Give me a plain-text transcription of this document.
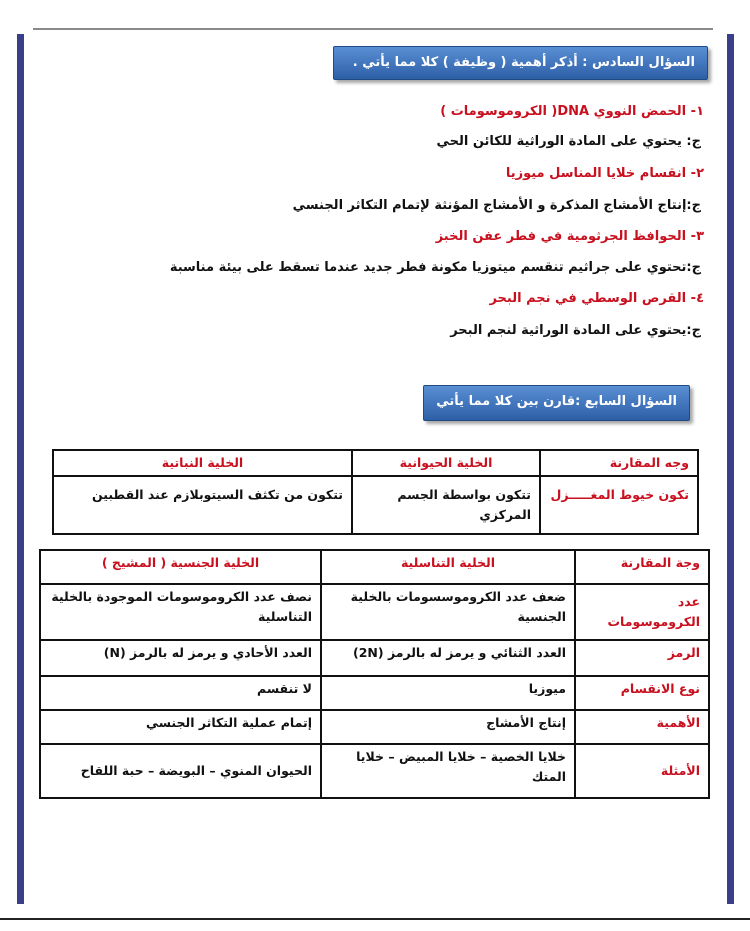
السؤال السادس : أذكر أهمية ( وظيفة ) كلا مما يأتي .
١- الحمض النووي DNA( الكروموسومات )
ج: يحتوي على المادة الوراثية للكائن الحي
٢- انقسام خلايا المناسل ميوزيا
ج:إنتاج الأمشاج المذكرة و الأمشاج المؤنثة لإتمام التكاثر الجنسي
٣- الحوافظ الجرثومية في فطر عفن الخبز
ج:تحتوي على جراثيم تنقسم ميتوزيا مكونة فطر جديد عندما تسقط على بيئة مناسبة
٤- القرص الوسطي في نجم البحر
ج:يحتوي على المادة الوراثية لنجم البحر
السؤال السابع :قارن بين كلا مما يأتي
وجه المقارنة	الخلية الحيوانية	الخلية النباتية
تكون خيوط المغـــــزل	تتكون بواسطة الجسم المركزي	تتكون من تكثف السيتوبلازم عند القطبين
وجة المقارنة	الخلية التناسلية	الخلية الجنسية ( المشيج )
عدد الكروموسومات	ضعف عدد الكروموسسومات بالخلية الجنسية	نصف عدد الكروموسومات الموجودة بالخلية التناسلية
الرمز	العدد الثنائي و يرمز له بالرمز (2N)	العدد الأحادي و يرمز له بالرمز (N)
نوع الانقسام	ميوزيا	لا تنقسم
الأهمية	إنتاج الأمشاج	إتمام عملية التكاثر الجنسي
الأمثلة	خلايا الخصية – خلايا المبيض – خلايا المتك	الحيوان المنوي – البويضة – حبة اللقاح
